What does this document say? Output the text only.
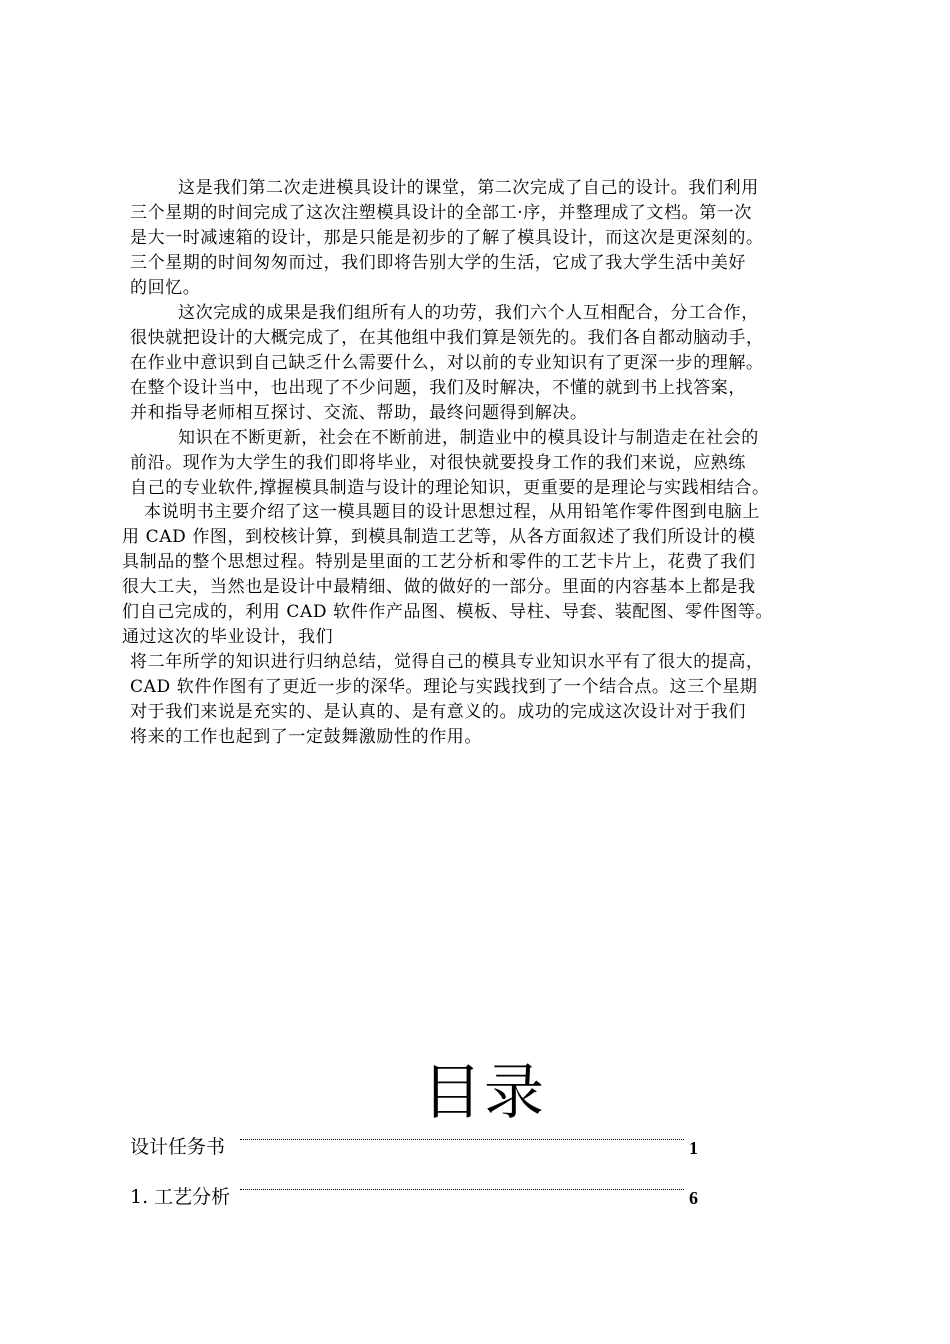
这是我们第二次走进模具设计的课堂，第二次完成了自己的设计。我们利用
三个星期的时间完成了这次注塑模具设计的全部工·序，并整理成了文档。第一次
是大一时减速箱的设计，那是只能是初步的了解了模具设计，而这次是更深刻的。
三个星期的时间匆匆而过，我们即将告别大学的生活，它成了我大学生活中美好
的回忆。
这次完成的成果是我们组所有人的功劳，我们六个人互相配合，分工合作，
很快就把设计的大概完成了，在其他组中我们算是领先的。我们各自都动脑动手，
在作业中意识到自己缺乏什么需要什么，对以前的专业知识有了更深一步的理解。
在整个设计当中，也出现了不少问题，我们及时解决，不懂的就到书上找答案，
并和指导老师相互探讨、交流、帮助，最终问题得到解决。
知识在不断更新，社会在不断前进，制造业中的模具设计与制造走在社会的
前沿。现作为大学生的我们即将毕业，对很快就要投身工作的我们来说，应熟练
自己的专业软件,撑握模具制造与设计的理论知识，更重要的是理论与实践相结合。
本说明书主要介绍了这一模具题目的设计思想过程，从用铅笔作零件图到电脑上
用 CAD 作图，到校核计算，到模具制造工艺等，从各方面叙述了我们所设计的模
具制品的整个思想过程。特别是里面的工艺分析和零件的工艺卡片上，花费了我们
很大工夫，当然也是设计中最精细、做的做好的一部分。里面的内容基本上都是我
们自己完成的，利用 CAD 软件作产品图、模板、导柱、导套、装配图、零件图等。
通过这次的毕业设计，我们
将二年所学的知识进行归纳总结，觉得自己的模具专业知识水平有了很大的提高，
CAD 软件作图有了更近一步的深华。理论与实践找到了一个结合点。这三个星期
对于我们来说是充实的、是认真的、是有意义的。成功的完成这次设计对于我们
将来的工作也起到了一定鼓舞激励性的作用。
目录
设计任务书	1
1. 工艺分析	6
